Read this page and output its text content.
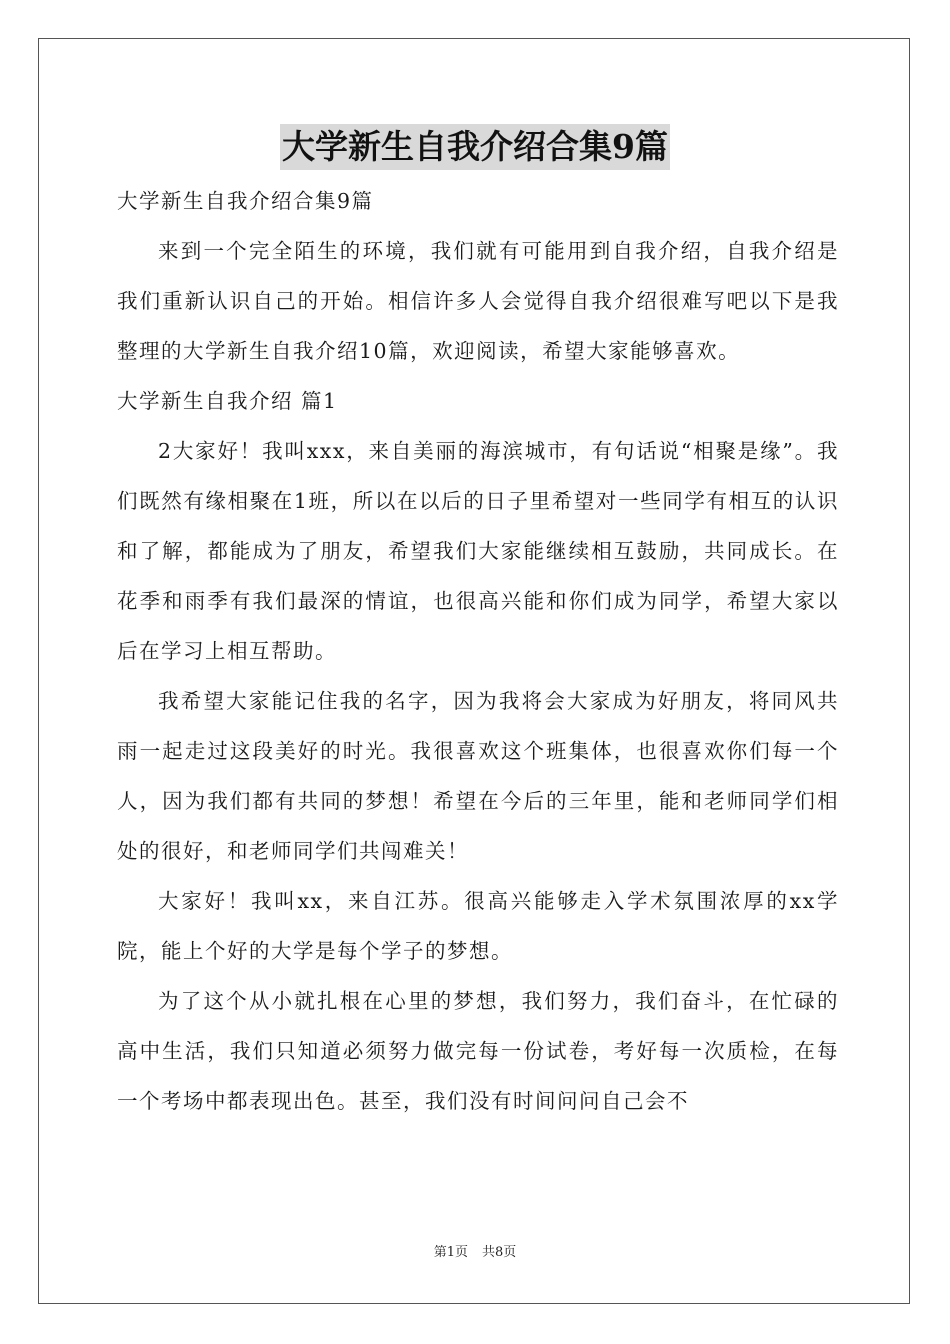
大学新生自我介绍合集9篇

大学新生自我介绍合集9篇

来到一个完全陌生的环境，我们就有可能用到自我介绍，自我介绍是我们重新认识自己的开始。相信许多人会觉得自我介绍很难写吧以下是我整理的大学新生自我介绍10篇，欢迎阅读，希望大家能够喜欢。

大学新生自我介绍 篇1

2大家好！我叫xxx，来自美丽的海滨城市，有句话说“相聚是缘”。我们既然有缘相聚在1班，所以在以后的日子里希望对一些同学有相互的认识和了解，都能成为了朋友，希望我们大家能继续相互鼓励，共同成长。在花季和雨季有我们最深的情谊，也很高兴能和你们成为同学，希望大家以后在学习上相互帮助。

我希望大家能记住我的名字，因为我将会大家成为好朋友，将同风共雨一起走过这段美好的时光。我很喜欢这个班集体，也很喜欢你们每一个人，因为我们都有共同的梦想！希望在今后的三年里，能和老师同学们相处的很好，和老师同学们共闯难关！

大家好！我叫xx，来自江苏。很高兴能够走入学术氛围浓厚的xx学院，能上个好的大学是每个学子的梦想。

为了这个从小就扎根在心里的梦想，我们努力，我们奋斗，在忙碌的高中生活，我们只知道必须努力做完每一份试卷，考好每一次质检，在每一个考场中都表现出色。甚至，我们没有时间问问自己会不

第1页 共8页
